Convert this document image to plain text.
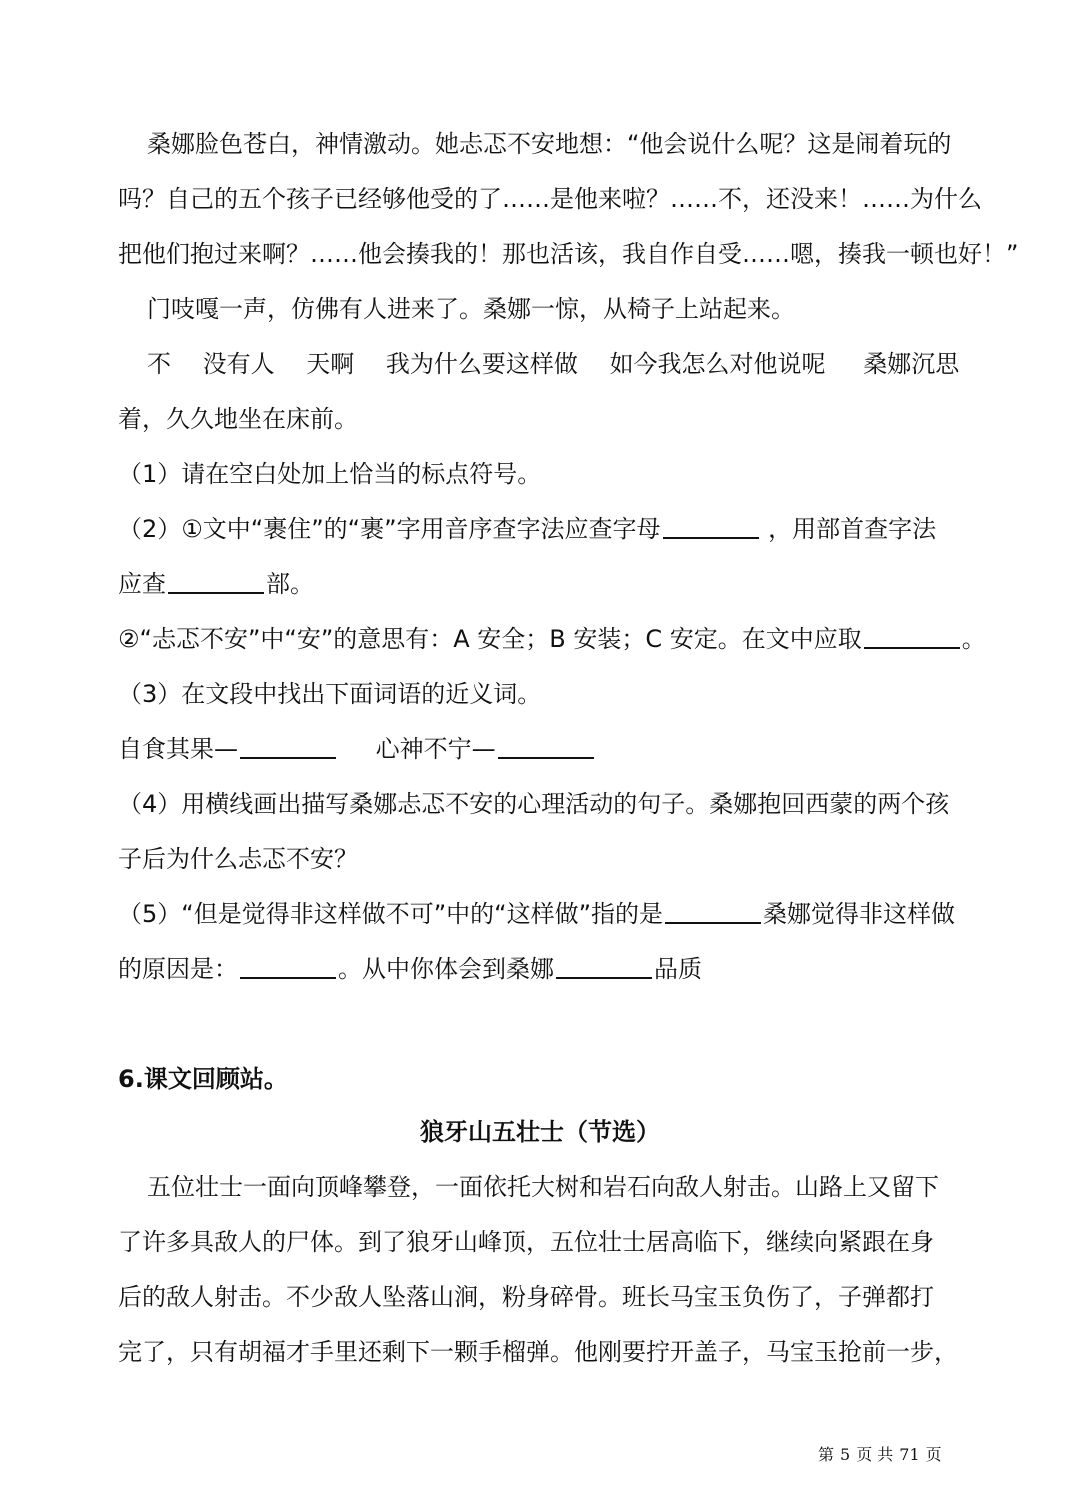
桑娜脸色苍白，神情激动。她忐忑不安地想：“他会说什么呢？这是闹着玩的
吗？自己的五个孩子已经够他受的了……是他来啦？……不，还没来！……为什么
把他们抱过来啊？……他会揍我的！那也活该，我自作自受……嗯，揍我一顿也好！”
门吱嘎一声，仿佛有人进来了。桑娜一惊，从椅子上站起来。
不 没有人 天啊 我为什么要这样做 如今我怎么对他说呢 桑娜沉思
着，久久地坐在床前。
（1）请在空白处加上恰当的标点符号。
（2）①文中“裹住”的“裹”字用音序查字法应查字母	，用部首查字法
应查	部。
②“忐忑不安”中“安”的意思有：A 安全；B 安装；C 安定。在文中应取	。
（3）在文段中找出下面词语的近义词。
自食其果—	心神不宁—
（4）用横线画出描写桑娜忐忑不安的心理活动的句子。桑娜抱回西蒙的两个孩
子后为什么忐忑不安？
（5）“但是觉得非这样做不可”中的“这样做”指的是	桑娜觉得非这样做
的原因是：	。从中你体会到桑娜	品质
6.课文回顾站。
狼牙山五壮士（节选）
五位壮士一面向顶峰攀登，一面依托大树和岩石向敌人射击。山路上又留下
了许多具敌人的尸体。到了狼牙山峰顶，五位壮士居高临下，继续向紧跟在身
后的敌人射击。不少敌人坠落山涧，粉身碎骨。班长马宝玉负伤了，子弹都打
完了，只有胡福才手里还剩下一颗手榴弹。他刚要拧开盖子，马宝玉抢前一步，
第 5 页 共 71 页
